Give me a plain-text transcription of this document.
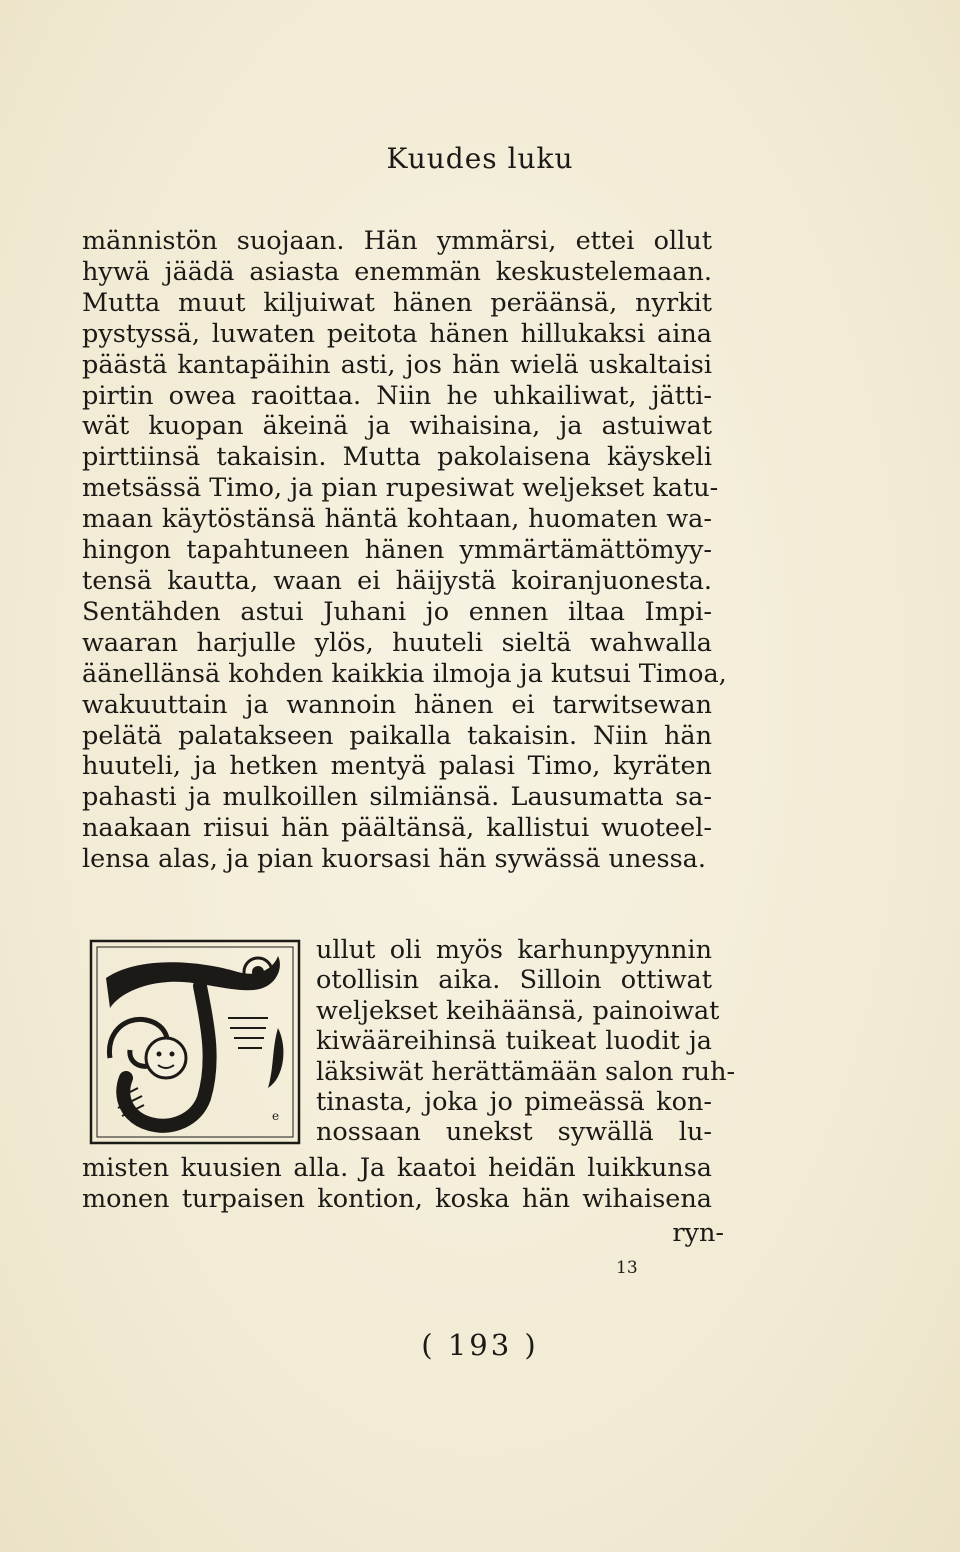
Kuudes luku
männistön suojaan. Hän ymmärsi, ettei ollut
hywä jäädä asiasta enemmän keskustelemaan.
Mutta muut kiljuiwat hänen peräänsä, nyrkit
pystyssä, luwaten peitota hänen hillukaksi aina
päästä kantapäihin asti, jos hän wielä uskaltaisi
pirtin owea raoittaa. Niin he uhkailiwat, jätti-
wät kuopan äkeinä ja wihaisina, ja astuiwat
pirttiinsä takaisin. Mutta pakolaisena käyskeli
metsässä Timo, ja pian rupesiwat weljekset katu-
maan käytöstänsä häntä kohtaan, huomaten wa-
hingon tapahtuneen hänen ymmärtämättömyy-
tensä kautta, waan ei häijystä koiranjuonesta.
Sentähden astui Juhani jo ennen iltaa Impi-
waaran harjulle ylös, huuteli sieltä wahwalla
äänellänsä kohden kaikkia ilmoja ja kutsui Timoa,
wakuuttain ja wannoin hänen ei tarwitsewan
pelätä palatakseen paikalla takaisin. Niin hän
huuteli, ja hetken mentyä palasi Timo, kyräten
pahasti ja mulkoillen silmiänsä. Lausumatta sa-
naakaan riisui hän päältänsä, kallistui wuoteel-
lensa alas, ja pian kuorsasi hän sywässä unessa.
e
ullut oli myös karhunpyynnin
otollisin aika. Silloin ottiwat
weljekset keihäänsä, painoiwat
kiwääreihinsä tuikeat luodit ja
läksiwät herättämään salon ruh-
tinasta, joka jo pimeässä kon-
nossaan unekst sywällä lu-
misten kuusien alla. Ja kaatoi heidän luikkunsa
monen turpaisen kontion, koska hän wihaisena
ryn-
13
( 193 )
